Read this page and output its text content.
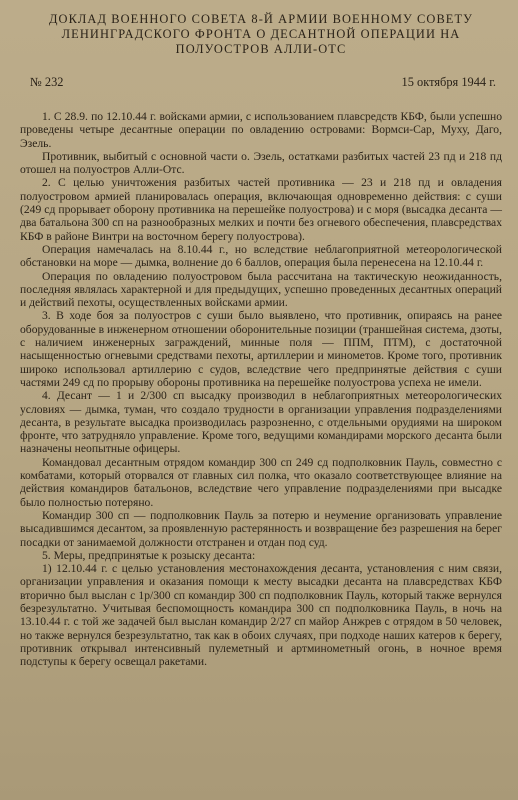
ДОКЛАД ВОЕННОГО СОВЕТА 8-Й АРМИИ ВОЕННОМУ СОВЕТУ ЛЕНИНГРАДСКОГО ФРОНТА О ДЕСАНТНОЙ ОПЕРАЦИИ НА ПОЛУОСТРОВ АЛЛИ-ОТС
№ 232	15 октября 1944 г.

1. С 28.9. по 12.10.44 г. войсками армии, с использованием плавсредств КБФ, были успешно проведены четыре десантные операции по овладению островами: Вормси-Сар, Муху, Даго, Эзель.

Противник, выбитый с основной части о. Эзель, остатками разбитых частей 23 пд и 218 пд отошел на полуостров Алли-Отс.

2. С целью уничтожения разбитых частей противника — 23 и 218 пд и овладения полуостровом армией планировалась операция, включающая одновременно действия: с суши (249 сд прорывает оборону противника на перешейке полуострова) и с моря (высадка десанта — два батальона 300 сп на разнообразных мелких и почти без огневого обеспечения, плавсредствах КБФ в районе Винтри на восточном берегу полуострова).

Операция намечалась на 8.10.44 г., но вследствие неблагоприятной метеорологической обстановки на море — дымка, волнение до 6 баллов, операция была перенесена на 12.10.44 г.

Операция по овладению полуостровом была рассчитана на тактическую неожиданность, последняя являлась характерной и для предыдущих, успешно проведенных десантных операций и действий пехоты, осуществленных войсками армии.

3. В ходе боя за полуостров с суши было выявлено, что противник, опираясь на ранее оборудованные в инженерном отношении оборонительные позиции (траншейная система, дзоты, с наличием инженерных заграждений, минные поля — ППМ, ПТМ), с достаточной насыщенностью огневыми средствами пехоты, артиллерии и минометов. Кроме того, противник широко использовал артиллерию с судов, вследствие чего предпринятые действия с суши частями 249 сд по прорыву обороны противника на перешейке полуострова успеха не имели.

4. Десант — 1 и 2/300 сп высадку производил в неблагоприятных метеорологических условиях — дымка, туман, что создало трудности в организации управления подразделениями десанта, в результате высадка производилась разрозненно, с отдельными орудиями на широком фронте, что затрудняло управление. Кроме того, ведущими командирами морского десанта были назначены неопытные офицеры.

Командовал десантным отрядом командир 300 сп 249 сд подполковник Пауль, совместно с комбатами, который оторвался от главных сил полка, что оказало соответствующее влияние на действия командиров батальонов, вследствие чего управление подразделениями при высадке было полностью потеряно.

Командир 300 сп — подполковник Пауль за потерю и неумение организовать управление высадившимся десантом, за проявленную растерянность и возвращение без разрешения на берег посадки от занимаемой должности отстранен и отдан под суд.

5. Меры, предпринятые к розыску десанта:

1) 12.10.44 г. с целью установления местонахождения десанта, установления с ним связи, организации управления и оказания помощи к месту высадки десанта на плавсредствах КБФ вторично был выслан с 1р/300 сп командир 300 сп подполковник Пауль, который также вернулся безрезультатно. Учитывая беспомощность командира 300 сп подполковника Пауль, в ночь на 13.10.44 г. с той же задачей был выслан командир 2/27 сп майор Анжрев с отрядом в 50 человек, но также вернулся безрезультатно, так как в обоих случаях, при подходе наших катеров к берегу, противник открывал интенсивный пулеметный и артминометный огонь, в ночное время подступы к берегу освещал ракетами.
